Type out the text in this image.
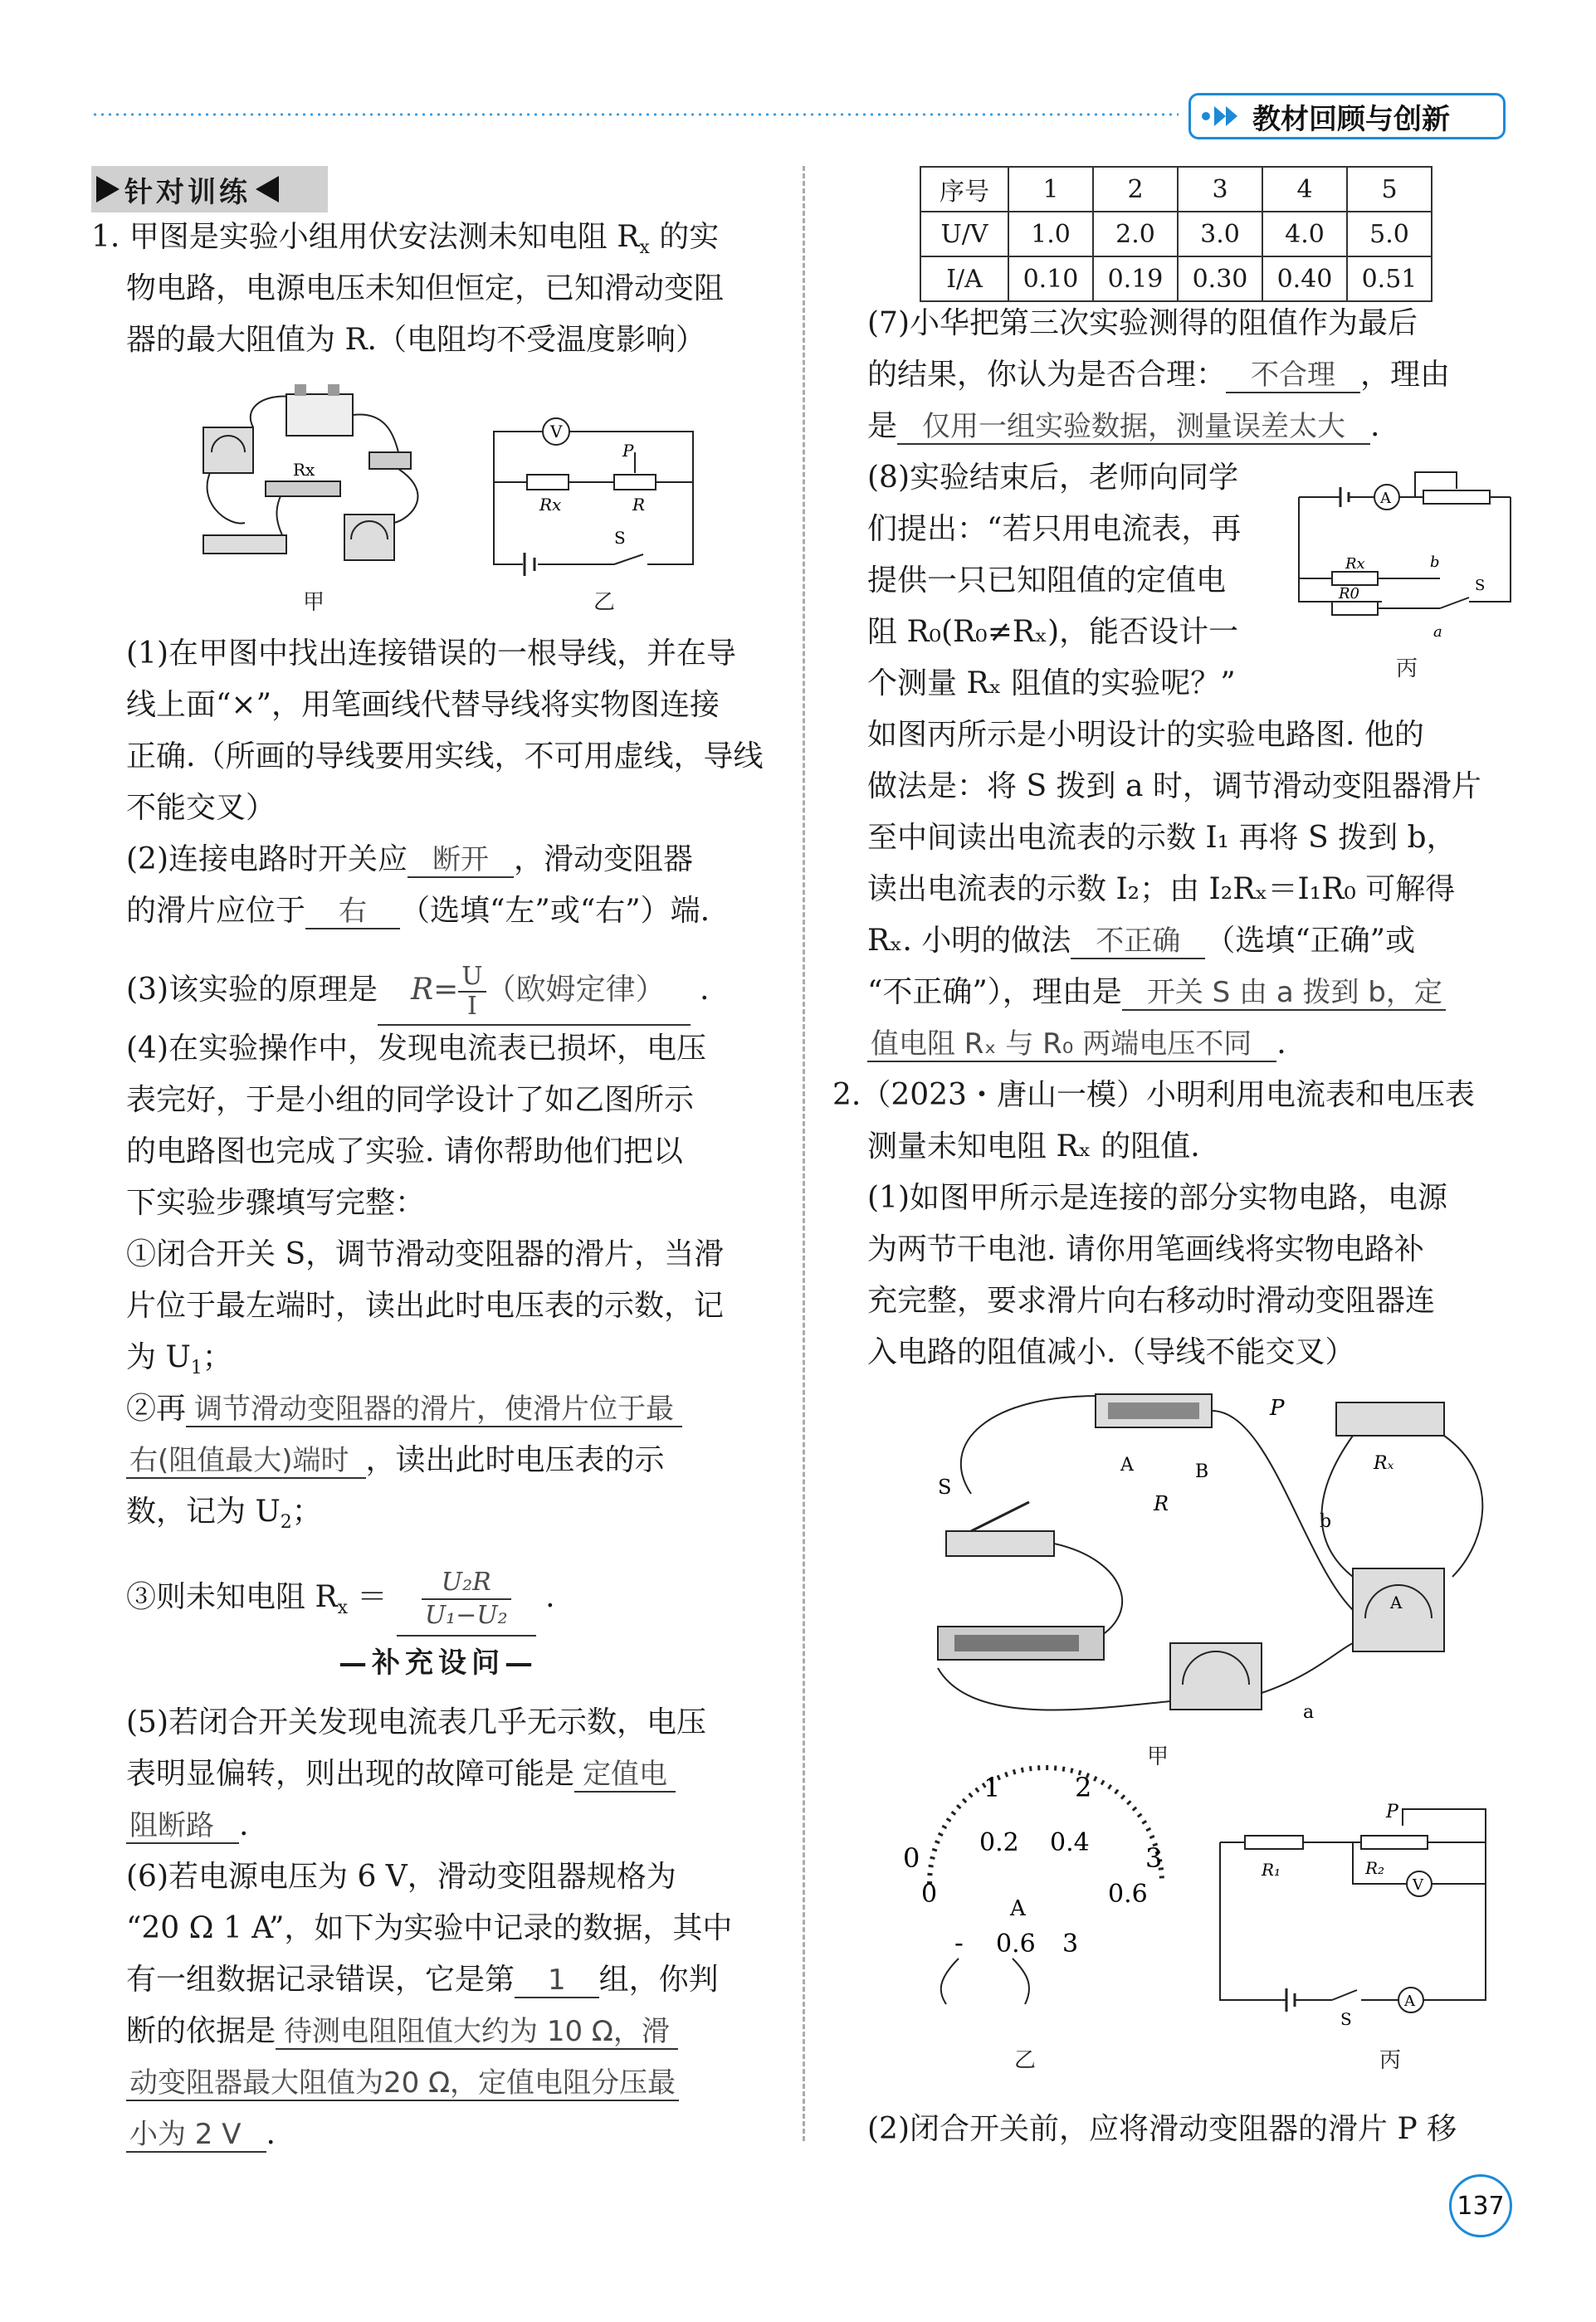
教材回顾与创新
针对训练
1. 甲图是实验小组用伏安法测未知电阻 $R_x$ 的实
物电路，电源电压未知但恒定，已知滑动变阻
器的最大阻值为 R.（电阻均不受温度影响）
Rx
甲
V
P
Rx	R
S
乙
(1)在甲图中找出连接错误的一根导线，并在导
线上面“×”，用笔画线代替导线将实物图连接
正确.（所画的导线要用实线，不可用虚线，导线
不能交叉）
(2)连接电路时开关应 断开 ，滑动变阻器
的滑片应位于 右 （选填“左”或“右”）端.
(3)该实验的原理是 $R= \frac{U}{I}$ （欧姆定律） .
(4)在实验操作中，发现电流表已损坏，电压
表完好，于是小组的同学设计了如乙图所示
的电路图也完成了实验. 请你帮助他们把以
下实验步骤填写完整：
①闭合开关 S，调节滑动变阻器的滑片，当滑
片位于最左端时，读出此时电压表的示数，记
为 $U_1$；
②再 调节滑动变阻器的滑片，使滑片位于最
右(阻值最大)端时 ，读出此时电压表的示
数，记为 $U_2$；
③则未知电阻 $R_x = \frac{\text{U₂R}}{\text{U₁−U₂}}$ .
—补充设问—
(5)若闭合开关发现电流表几乎无示数，电压
表明显偏转，则出现的故障可能是 定值电
阻断路 .
(6)若电源电压为 6 V，滑动变阻器规格为
“20 Ω 1 A”，如下为实验中记录的数据，其中
有一组数据记录错误，它是第 1 组，你判
断的依据是 待测电阻阻值大约为 10 Ω，滑
动变阻器最大阻值为20 Ω，定值电阻分压最
小为 2 V .
序号	1	2	3	4	5
U/V	1.0	2.0	3.0	4.0	5.0
I/A	0.10	0.19	0.30	0.40	0.51
(7)小华把第三次实验测得的阻值作为最后
的结果，你认为是否合理： 不合理 ，理由
是 仅用一组实验数据，测量误差太大 .
(8)实验结束后，老师向同学
们提出：“若只用电流表，再
提供一只已知阻值的定值电
阻 R₀(R₀≠Rₓ)，能否设计一
个测量 Rₓ 阻值的实验呢？”
A
Rx
R0
b
a
S
丙
如图丙所示是小明设计的实验电路图. 他的
做法是：将 S 拨到 a 时，调节滑动变阻器滑片
至中间读出电流表的示数 I₁ 再将 S 拨到 b，
读出电流表的示数 I₂；由 I₂Rₓ＝I₁R₀ 可解得
Rₓ. 小明的做法 不正确 （选填“正确”或
“不正确”），理由是 开关 S 由 a 拨到 b，定
值电阻 Rₓ 与 R₀ 两端电压不同 .
2.（2023・唐山一模）小明利用电流表和电压表
测量未知电阻 Rₓ 的阻值.
(1)如图甲所示是连接的部分实物电路，电源
为两节干电池. 请你用笔画线将实物电路补
充完整，要求滑片向右移动时滑动变阻器连
入电路的阻值减小.（导线不能交叉）
P
A	B
R
S
Rₓ
b
A
a
甲
1	2
0	3
0.2 0.4
0	0.6
A
- 0.6 3
乙
S
A
P
R₁	R₂
V
丙
(2)闭合开关前，应将滑动变阻器的滑片 P 移
137
